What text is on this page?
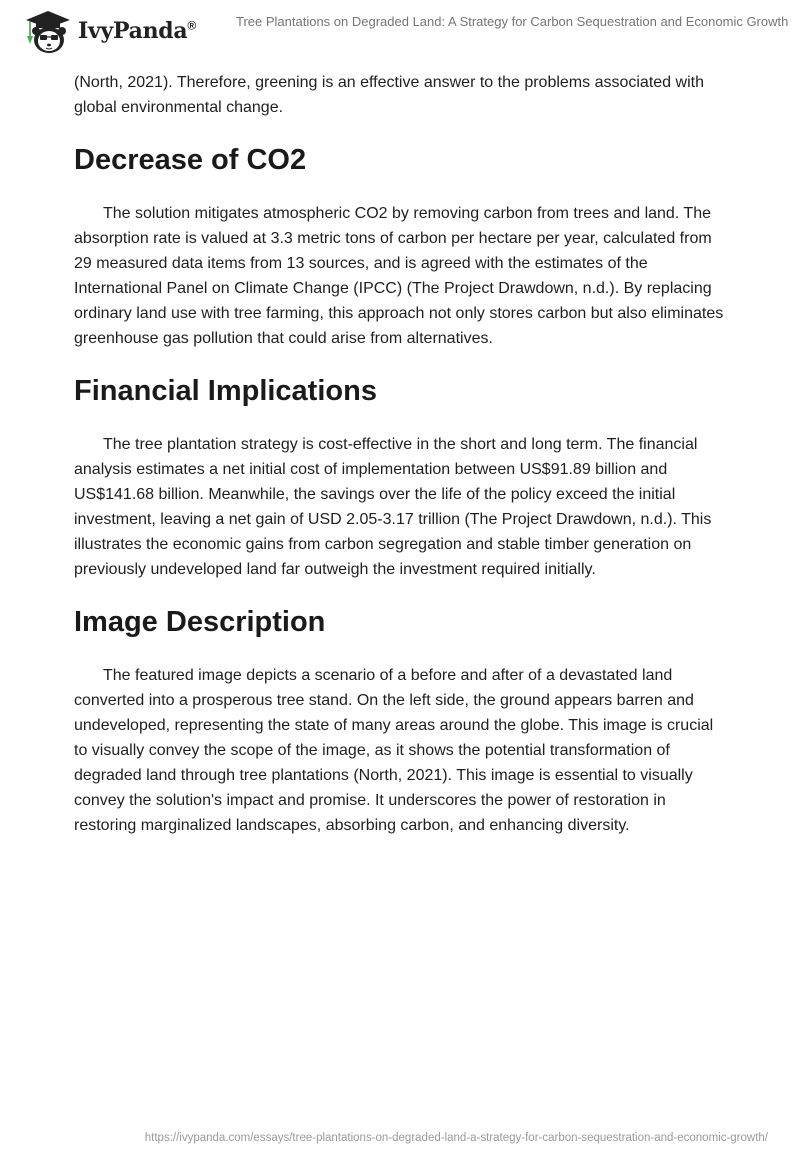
IvyPanda®	Tree Plantations on Degraded Land: A Strategy for Carbon Sequestration and Economic Growth

(North, 2021). Therefore, greening is an effective answer to the problems associated with global environmental change.

Decrease of CO2

The solution mitigates atmospheric CO2 by removing carbon from trees and land. The absorption rate is valued at 3.3 metric tons of carbon per hectare per year, calculated from 29 measured data items from 13 sources, and is agreed with the estimates of the International Panel on Climate Change (IPCC) (The Project Drawdown, n.d.). By replacing ordinary land use with tree farming, this approach not only stores carbon but also eliminates greenhouse gas pollution that could arise from alternatives.

Financial Implications

The tree plantation strategy is cost-effective in the short and long term. The financial analysis estimates a net initial cost of implementation between US$91.89 billion and US$141.68 billion. Meanwhile, the savings over the life of the policy exceed the initial investment, leaving a net gain of USD 2.05-3.17 trillion (The Project Drawdown, n.d.). This illustrates the economic gains from carbon segregation and stable timber generation on previously undeveloped land far outweigh the investment required initially.

Image Description

The featured image depicts a scenario of a before and after of a devastated land converted into a prosperous tree stand. On the left side, the ground appears barren and undeveloped, representing the state of many areas around the globe. This image is crucial to visually convey the scope of the image, as it shows the potential transformation of degraded land through tree plantations (North, 2021). This image is essential to visually convey the solution's impact and promise. It underscores the power of restoration in restoring marginalized landscapes, absorbing carbon, and enhancing diversity.

https://ivypanda.com/essays/tree-plantations-on-degraded-land-a-strategy-for-carbon-sequestration-and-economic-growth/
